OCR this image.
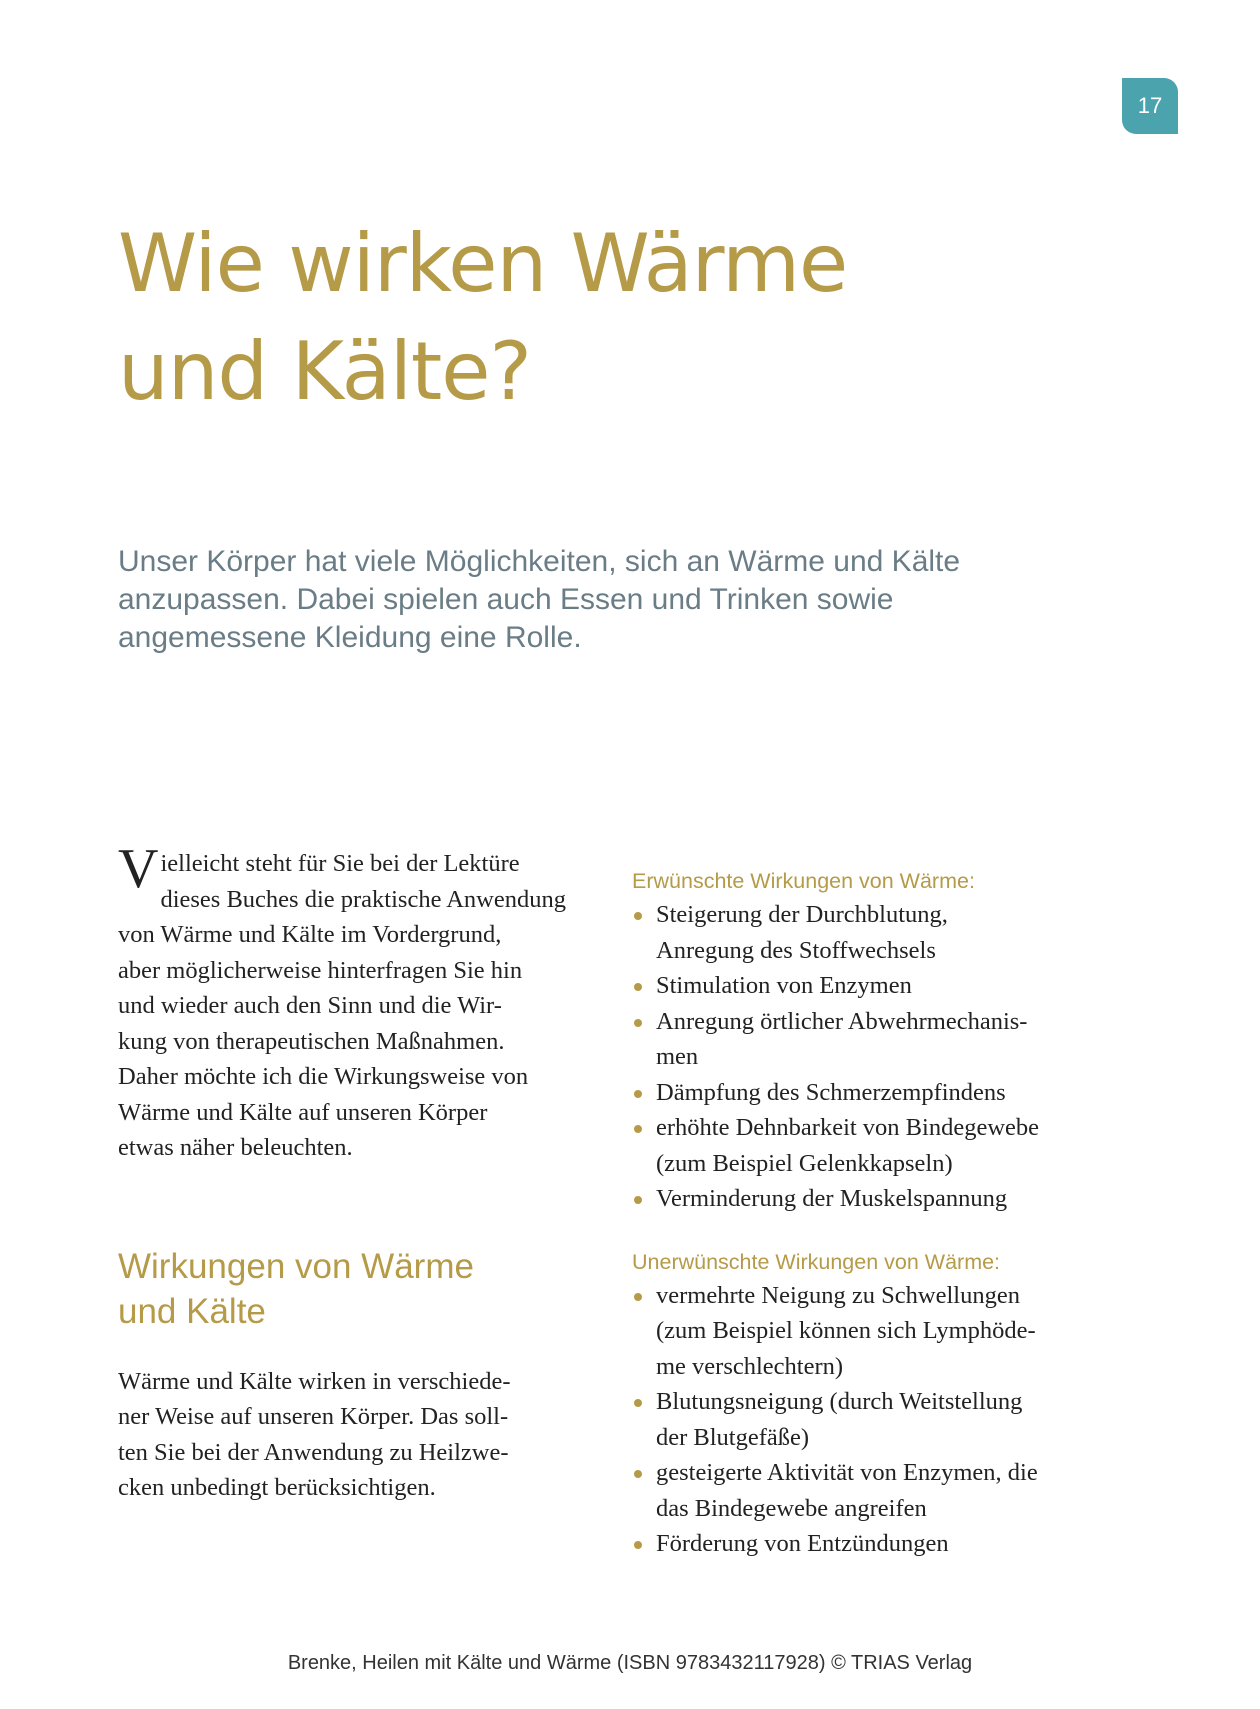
17
Wie wirken Wärme
und Kälte?

Unser Körper hat viele Möglichkeiten, sich an Wärme und Kälte anzupassen. Dabei spielen auch Essen und Trinken sowie angemessene Kleidung eine Rolle.

Vielleicht steht für Sie bei der Lektüre
dieses Buches die praktische Anwendung
von Wärme und Kälte im Vordergrund,
aber möglicherweise hinterfragen Sie hin
und wieder auch den Sinn und die Wir-
kung von therapeutischen Maßnahmen.
Daher möchte ich die Wirkungsweise von
Wärme und Kälte auf unseren Körper
etwas näher beleuchten.

Wirkungen von Wärme
und Kälte

Wärme und Kälte wirken in verschiede-
ner Weise auf unseren Körper. Das soll-
ten Sie bei der Anwendung zu Heilzwe-
cken unbedingt berücksichtigen.

Erwünschte Wirkungen von Wärme:
Steigerung der Durchblutung,
Anregung des Stoffwechsels
Stimulation von Enzymen
Anregung örtlicher Abwehrmechanis-
men
Dämpfung des Schmerzempfindens
erhöhte Dehnbarkeit von Bindegewebe
(zum Beispiel Gelenkkapseln)
Verminderung der Muskelspannung
Unerwünschte Wirkungen von Wärme:
vermehrte Neigung zu Schwellungen
(zum Beispiel können sich Lymphöde-
me verschlechtern)
Blutungsneigung (durch Weitstellung
der Blutgefäße)
gesteigerte Aktivität von Enzymen, die
das Bindegewebe angreifen
Förderung von Entzündungen
Brenke, Heilen mit Kälte und Wärme (ISBN 9783432117928) © TRIAS Verlag
